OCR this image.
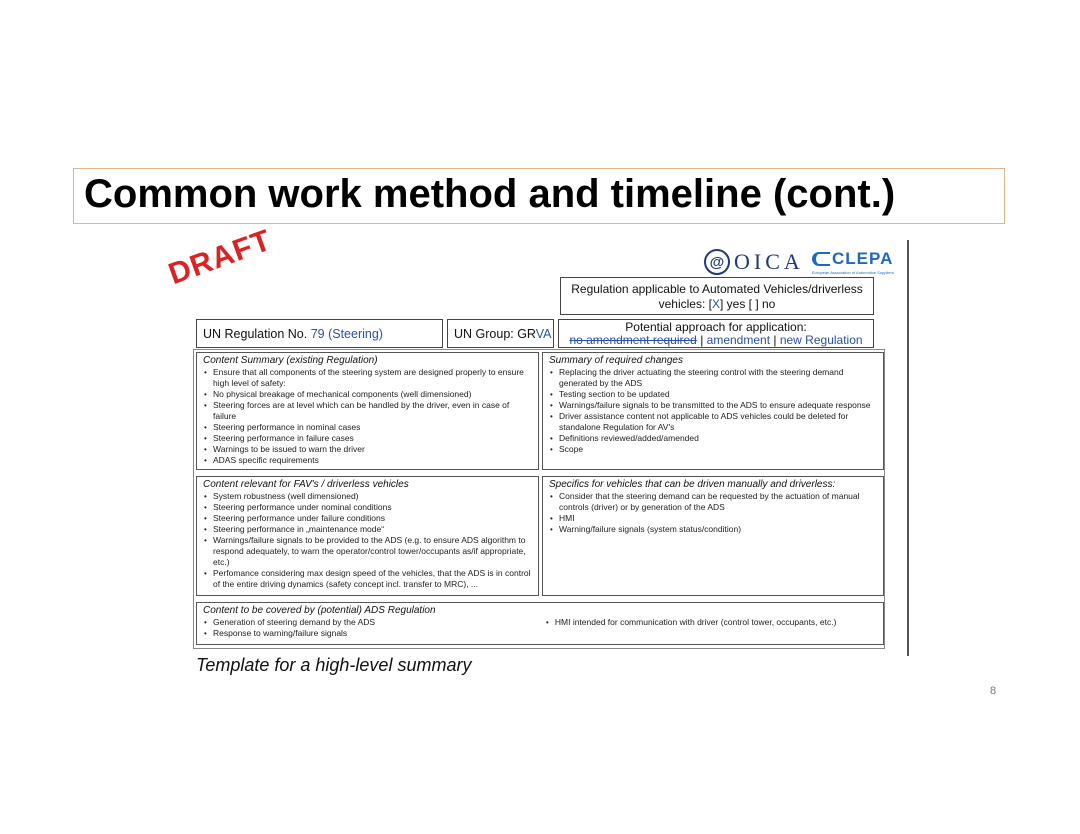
Common work method and timeline (cont.)
DRAFT	@ OICA CLEPA
European Association of Automotive Suppliers
Regulation applicable to Automated Vehicles/driverless
vehicles: [X] yes [ ] no
UN Regulation No. 79 (Steering)	UN Group: GRVA	Potential approach for application:
no amendment required | amendment | new Regulation
Content Summary (existing Regulation)
• Ensure that all components of the steering system are designed properly to ensure high level of safety:
• No physical breakage of mechanical components (well dimensioned)
• Steering forces are at level which can be handled by the driver, even in case of failure
• Steering performance in nominal cases
• Steering performance in failure cases
• Warnings to be issued to warn the driver
• ADAS specific requirements
Summary of required changes
• Replacing the driver actuating the steering control with the steering demand generated by the ADS
• Testing section to be updated
• Warnings/failure signals to be transmitted to the ADS to ensure adequate response
• Driver assistance content not applicable to ADS vehicles could be deleted for standalone Regulation for AV's
• Definitions reviewed/added/amended
• Scope
Content relevant for FAV's / driverless vehicles
• System robustness (well dimensioned)
• Steering performance under nominal conditions
• Steering performance under failure conditions
• Steering performance in „maintenance mode“
• Warnings/failure signals to be provided to the ADS (e.g. to ensure ADS algorithm to respond adequately, to warn the operator/control tower/occupants as/if appropriate, etc.)
• Perfomance considering max design speed of the vehicles, that the ADS is in control of the entire driving dynamics (safety concept incl. transfer to MRC), ...
Specifics for vehicles that can be driven manually and driverless:
• Consider that the steering demand can be requested by the actuation of manual controls (driver) or by generation of the ADS
• HMI
• Warning/failure signals (system status/condition)
Content to be covered by (potential) ADS Regulation
• Generation of steering demand by the ADS
• Response to warning/failure signals
• HMI intended for communication with driver (control tower, occupants, etc.)
Template for a high-level summary
8
